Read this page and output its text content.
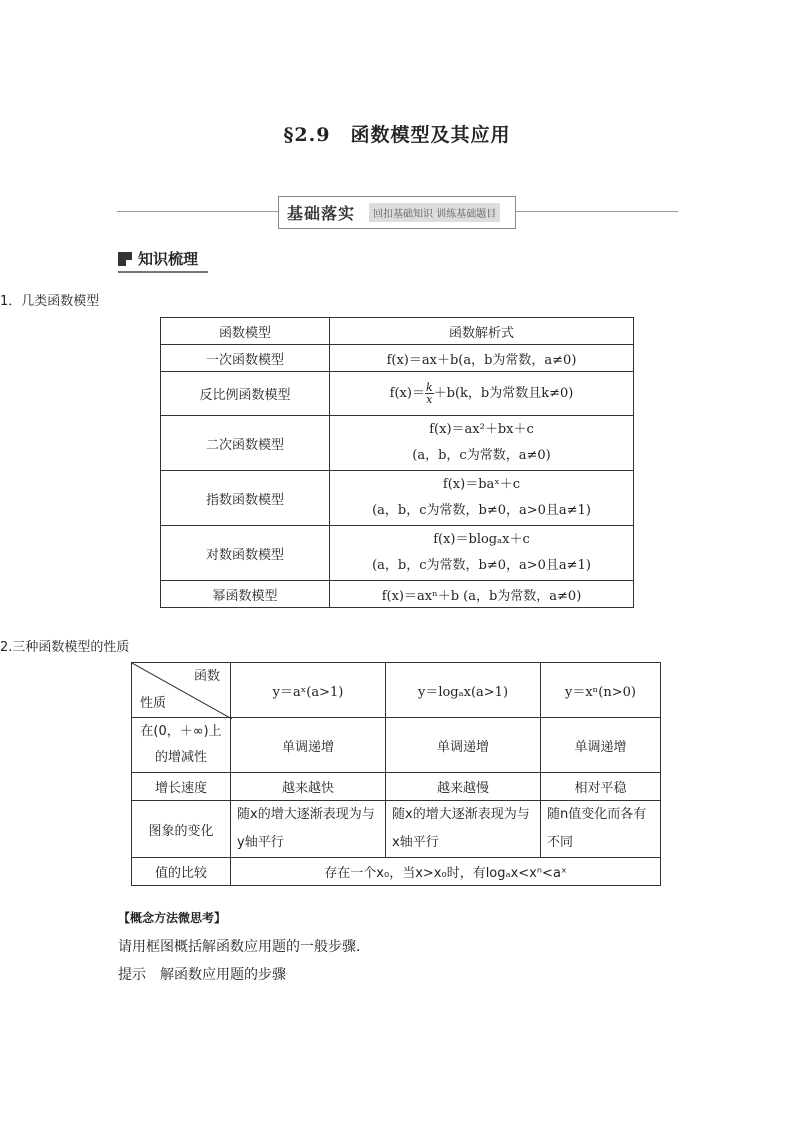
§2.9　函数模型及其应用
基础落实	回扣基础知识 训练基础题目
知识梳理
1．几类函数模型
函数模型	函数解析式
一次函数模型	f(x)＝ax＋b(a，b为常数，a≠0)
反比例函数模型	$f(x)= \frac{k}{x} +b(k$，b为常数且k≠0)
二次函数模型	f(x)＝ax²＋bx＋c
(a，b，c为常数，a≠0)

指数函数模型	f(x)＝baˣ＋c
(a，b，c为常数，b≠0，a>0且a≠1)

对数函数模型	f(x)＝blogₐx＋c
(a，b，c为常数，b≠0，a>0且a≠1)

幂函数模型	f(x)＝axⁿ＋b (a，b为常数，a≠0)
2.三种函数模型的性质
函数
性质	y＝aˣ(a>1)	y＝logₐx(a>1)	y＝xⁿ(n>0)

在(0，＋∞)上
的增减性	单调递增	单调递增	单调递增
增长速度	越来越快	越来越慢	相对平稳
图象的变化	随x的增大逐渐表现为与y轴平行	随x的增大逐渐表现为与x轴平行	随n值变化而各有不同
值的比较	存在一个x₀，当x>x₀时，有logₐx<xⁿ<aˣ		
【概念方法微思考】
请用框图概括解函数应用题的一般步骤．
提示　解函数应用题的步骤
